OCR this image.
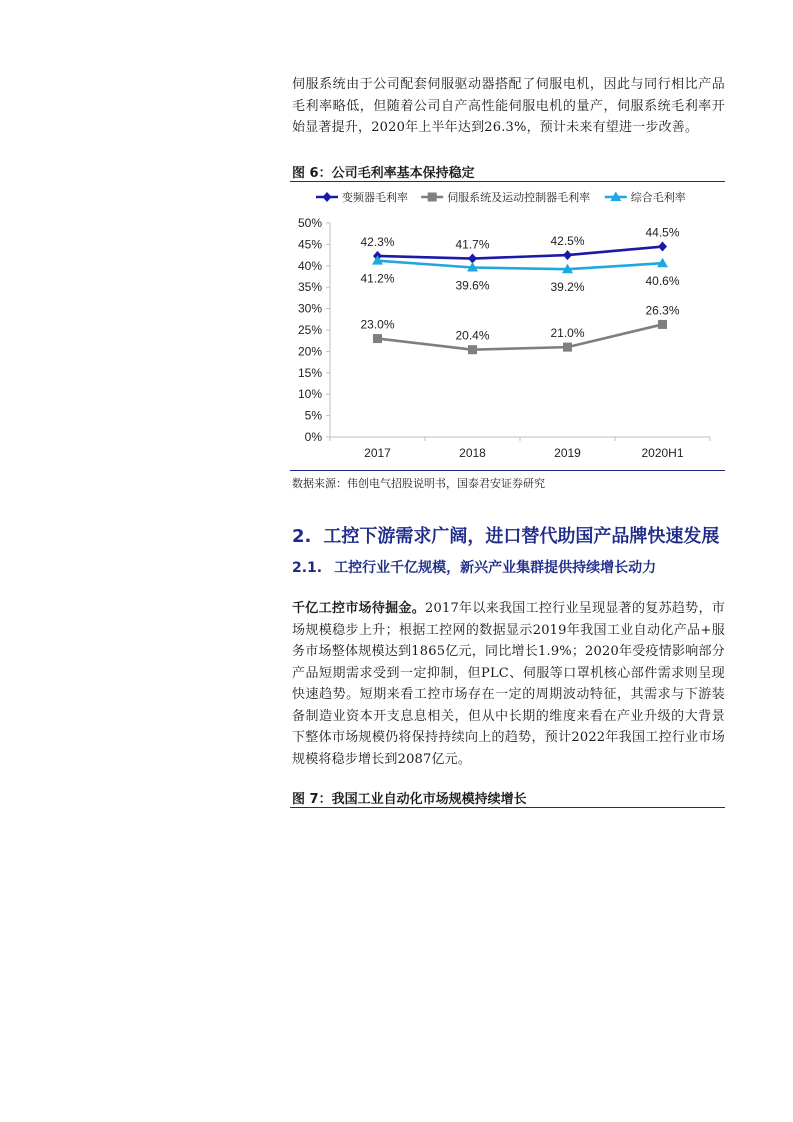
伺服系统由于公司配套伺服驱动器搭配了伺服电机，因此与同行相比产品毛利率略低，但随着公司自产高性能伺服电机的量产，伺服系统毛利率开始显著提升，2020年上半年达到26.3%，预计未来有望进一步改善。

图 6：公司毛利率基本保持稳定
变频器毛利率	伺服系统及运动控制器毛利率	综合毛利率
0%
5%
10%
15%
20%
25%
30%
35%
40%
45%
50%
2017	2018	2019	2020H1
42.3%	41.7%	42.5%
44.5%
23.0%
20.4%	21.0%
26.3%
41.2%	39.6%	39.2%	40.6%
数据来源：伟创电气招股说明书，国泰君安证券研究
2. 工控下游需求广阔，进口替代助国产品牌快速发展
2.1. 工控行业千亿规模，新兴产业集群提供持续增长动力

千亿工控市场待掘金。2017年以来我国工控行业呈现显著的复苏趋势，市场规模稳步上升；根据工控网的数据显示2019年我国工业自动化产品+服务市场整体规模达到1865亿元，同比增长1.9%；2020年受疫情影响部分产品短期需求受到一定抑制，但PLC、伺服等口罩机核心部件需求则呈现快速趋势。短期来看工控市场存在一定的周期波动特征，其需求与下游装备制造业资本开支息息相关，但从中长期的维度来看在产业升级的大背景下整体市场规模仍将保持持续向上的趋势，预计2022年我国工控行业市场规模将稳步增长到2087亿元。

图 7：我国工业自动化市场规模持续增长
